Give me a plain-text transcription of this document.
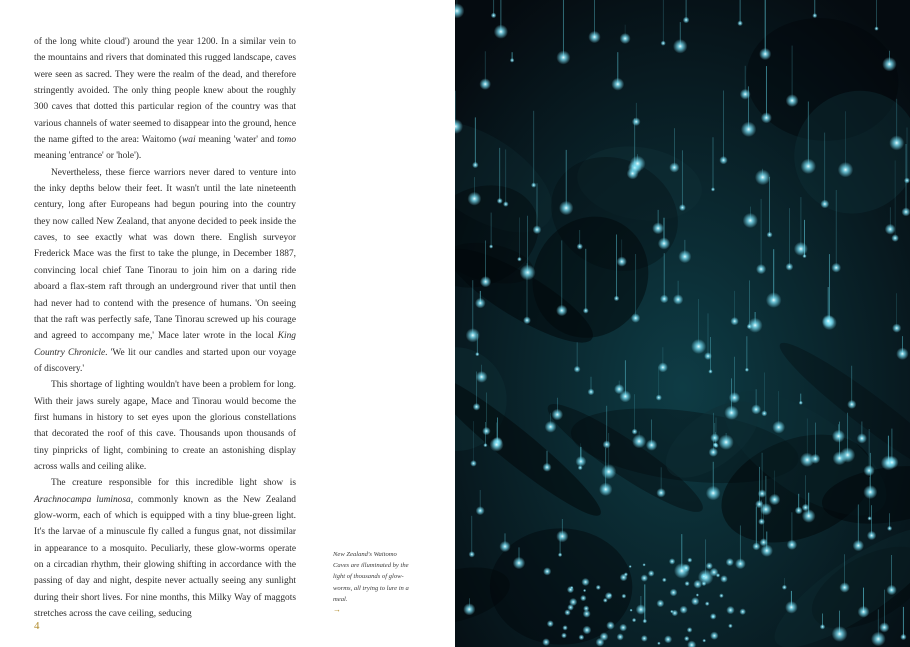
of the long white cloud') around the year 1200. In a similar vein to the mountains and rivers that dominated this rugged landscape, caves were seen as sacred. They were the realm of the dead, and therefore stringently avoided. The only thing people knew about the roughly 300 caves that dotted this particular region of the country was that various channels of water seemed to disappear into the ground, hence the name gifted to the area: Waitomo (wai meaning 'water' and tomo meaning 'entrance' or 'hole').

Nevertheless, these fierce warriors never dared to venture into the inky depths below their feet. It wasn't until the late nineteenth century, long after Europeans had begun pouring into the country they now called New Zealand, that anyone decided to peek inside the caves, to see exactly what was down there. English surveyor Frederick Mace was the first to take the plunge, in December 1887, convincing local chief Tane Tinorau to join him on a daring ride aboard a flax-stem raft through an underground river that until then had never had to contend with the presence of humans. 'On seeing that the raft was perfectly safe, Tane Tinorau screwed up his courage and agreed to accompany me,' Mace later wrote in the local King Country Chronicle. 'We lit our candles and started upon our voyage of discovery.'

This shortage of lighting wouldn't have been a problem for long. With their jaws surely agape, Mace and Tinorau would become the first humans in history to set eyes upon the glorious constellations that decorated the roof of this cave. Thousands upon thousands of tiny pinpricks of light, combining to create an astonishing display across walls and ceiling alike.

The creature responsible for this incredible light show is Arachnocampa luminosa, commonly known as the New Zealand glow-worm, each of which is equipped with a tiny blue-green light. It's the larvae of a minuscule fly called a fungus gnat, not dissimilar in appearance to a mosquito. Peculiarly, these glow-worms operate on a circadian rhythm, their glowing shifting in accordance with the passing of day and night, despite never actually seeing any sunlight during their short lives. For nine months, this Milky Way of maggots stretches across the cave ceiling, seducing

New Zealand's Waitomo Caves are illuminated by the light of thousands of glow-worms, all trying to lure in a meal.
→
4
